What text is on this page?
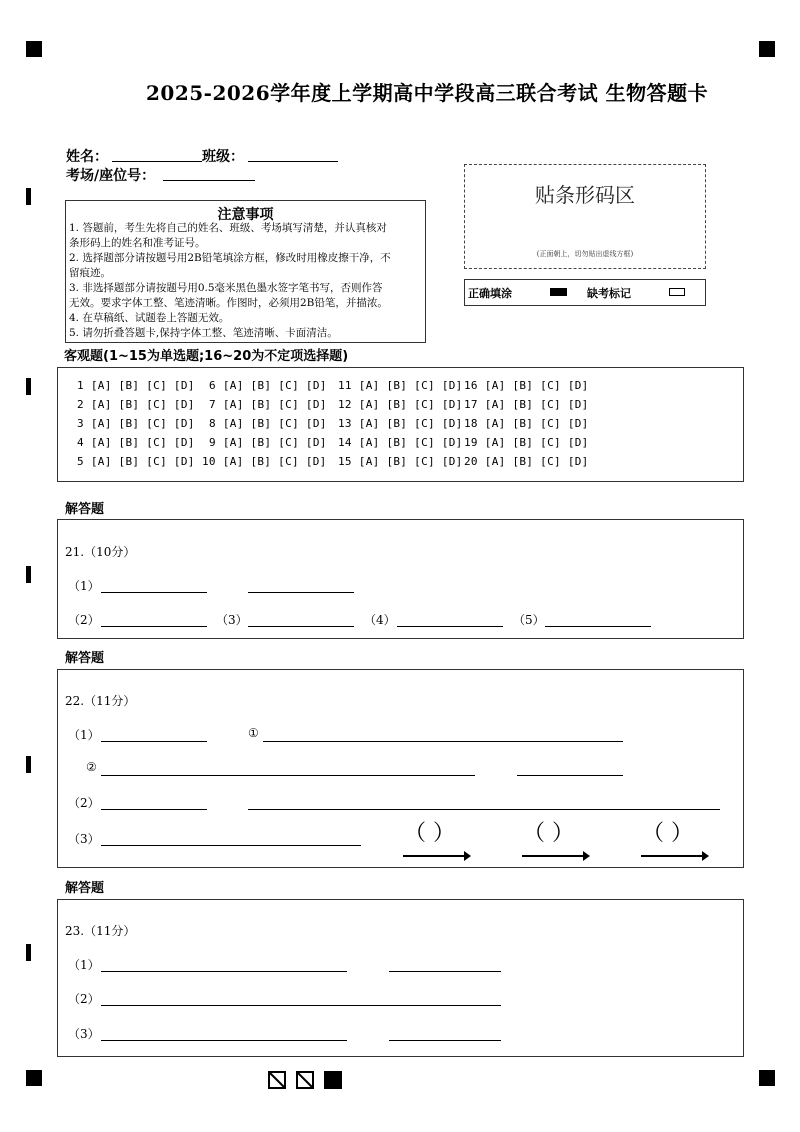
2025-2026学年度上学期高中学段高三联合考试 生物答题卡
姓名：	班级：
考场/座位号：
贴条形码区
(正面朝上，切勿贴出虚线方框)
正确填涂	缺考标记
注意事项
1. 答题前，考生先将自己的姓名、班级、考场填写清楚，并认真核对
条形码上的姓名和准考证号。
2. 选择题部分请按题号用2B铅笔填涂方框，修改时用橡皮擦干净，不
留痕迹。
3. 非选择题部分请按题号用0.5毫米黑色墨水签字笔书写，否则作答
无效。要求字体工整、笔迹清晰。作图时，必须用2B铅笔，并描浓。
4. 在草稿纸、试题卷上答题无效。
5. 请勿折叠答题卡,保持字体工整、笔迹清晰、卡面清洁。
客观题(1~15为单选题;16~20为不定项选择题)
1 [A] [B] [C] [D]
2 [A] [B] [C] [D]
3 [A] [B] [C] [D]
4 [A] [B] [C] [D]
5 [A] [B] [C] [D]
6 [A] [B] [C] [D]
7 [A] [B] [C] [D]
8 [A] [B] [C] [D]
9 [A] [B] [C] [D]
10 [A] [B] [C] [D]
11 [A] [B] [C] [D]
12 [A] [B] [C] [D]
13 [A] [B] [C] [D]
14 [A] [B] [C] [D]
15 [A] [B] [C] [D]
16 [A] [B] [C] [D]
17 [A] [B] [C] [D]
18 [A] [B] [C] [D]
19 [A] [B] [C] [D]
20 [A] [B] [C] [D]
解答题
21.（10分）
（1）
（2）	（3）	（4）	（5）
解答题
22.（11分）
（1）	①
②
（2）
（3）	（ ）	（ ）	（ ）
解答题
23.（11分）
（1）
（2）
（3）
